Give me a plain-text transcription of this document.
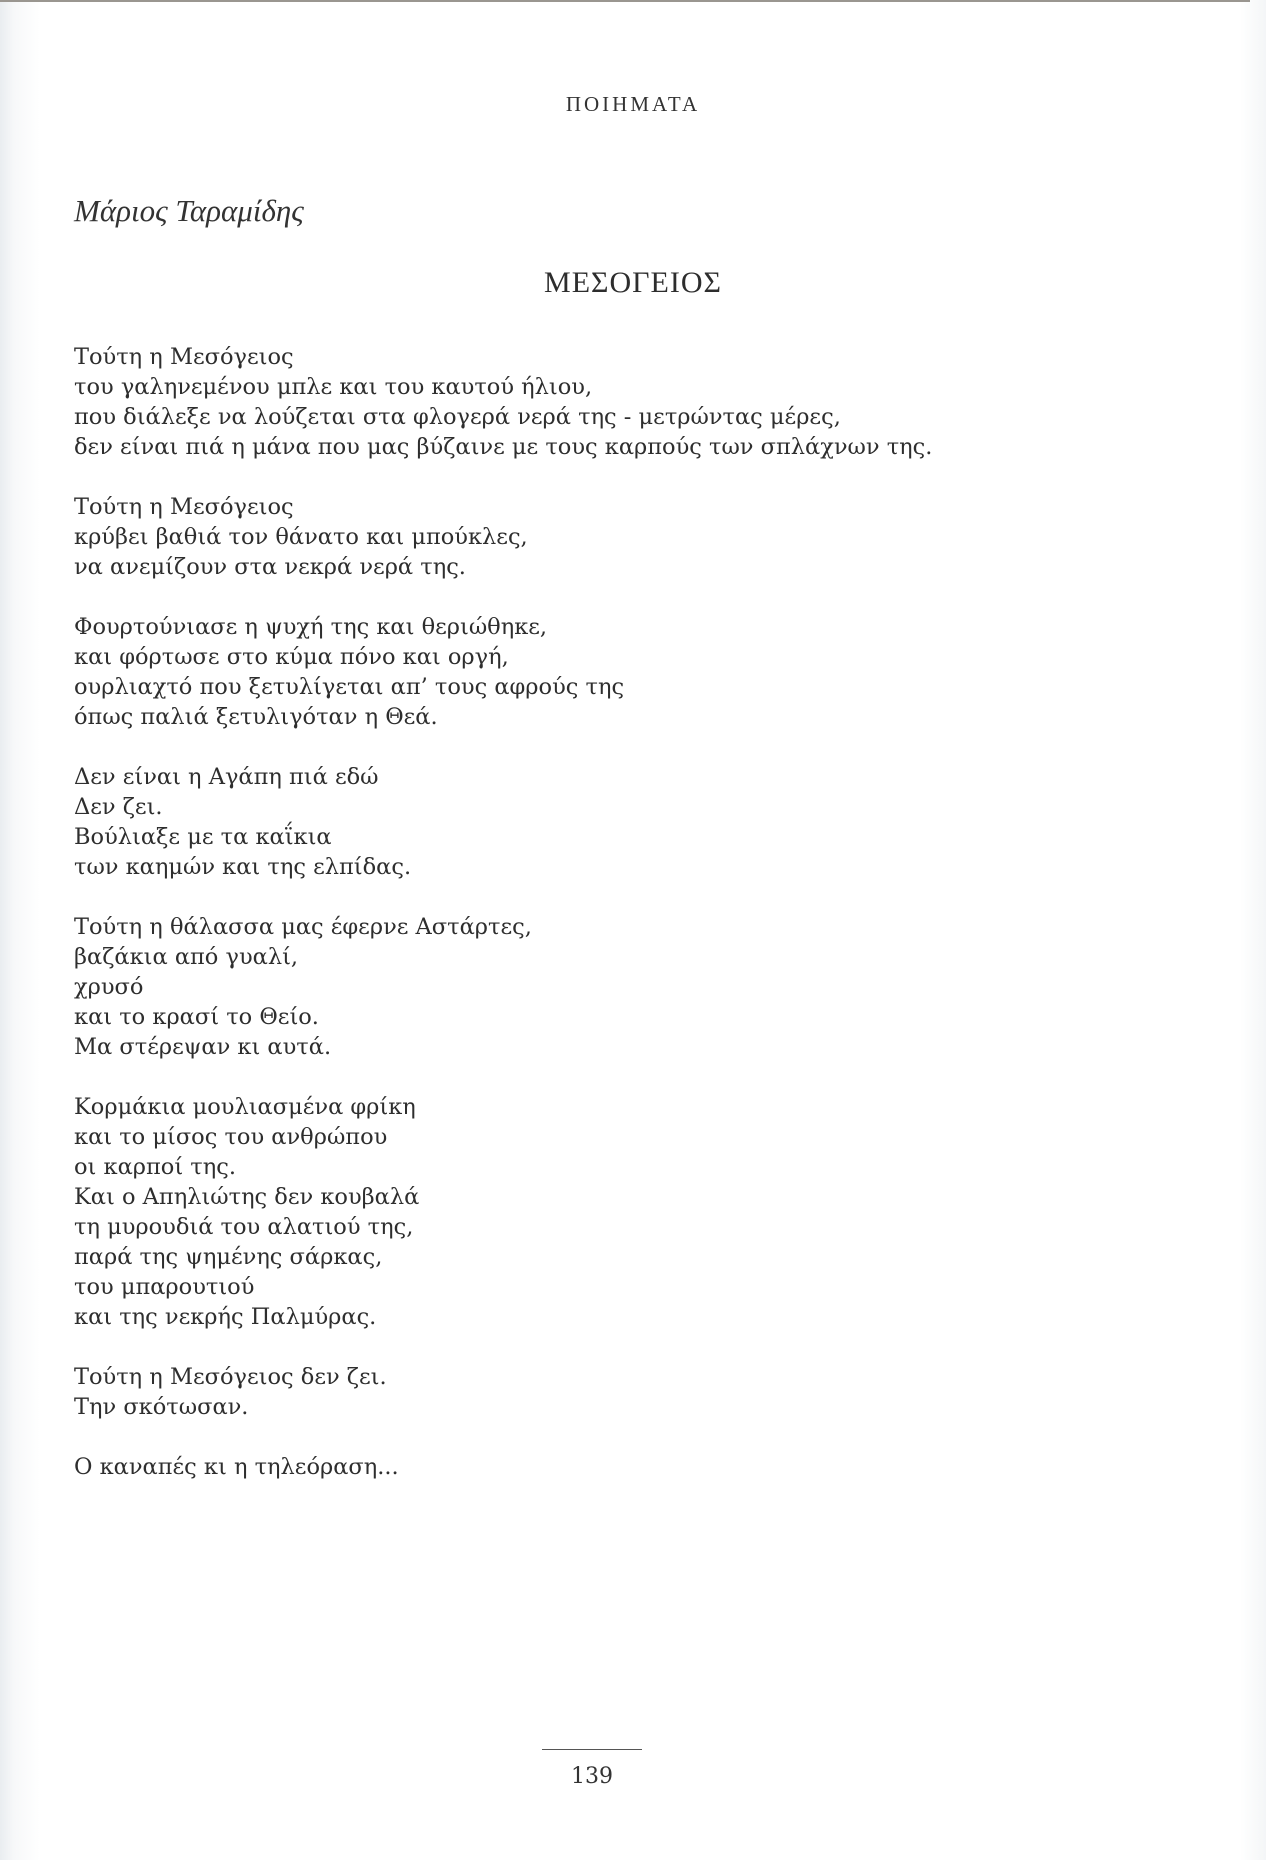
ΠΟΙΗΜΑΤΑ
Μάριος Ταραμίδης
ΜΕΣΟΓΕΙΟΣ
Τούτη η Μεσόγειος
του γαληνεμένου μπλε και του καυτού ήλιου,
που διάλεξε να λούζεται στα φλογερά νερά της - μετρώντας μέρες,
δεν είναι πιά η μάνα που μας βύζαινε με τους καρπούς των σπλάχνων της.
Τούτη η Μεσόγειος
κρύβει βαθιά τον θάνατο και μπούκλες,
να ανεμίζουν στα νεκρά νερά της.
Φουρτούνιασε η ψυχή της και θεριώθηκε,
και φόρτωσε στο κύμα πόνο και οργή,
ουρλιαχτό που ξετυλίγεται απ’ τους αφρούς της
όπως παλιά ξετυλιγόταν η Θεά.
Δεν είναι η Αγάπη πιά εδώ
Δεν ζει.
Βούλιαξε με τα καΐκια
των καημών και της ελπίδας.
Τούτη η θάλασσα μας έφερνε Αστάρτες,
βαζάκια από γυαλί,
χρυσό
και το κρασί το Θείο.
Μα στέρεψαν κι αυτά.
Κορμάκια μουλιασμένα φρίκη
και το μίσος του ανθρώπου
οι καρποί της.
Και ο Απηλιώτης δεν κουβαλά
τη μυρουδιά του αλατιού της,
παρά της ψημένης σάρκας,
του μπαρουτιού
και της νεκρής Παλμύρας.
Τούτη η Μεσόγειος δεν ζει.
Την σκότωσαν.
Ο καναπές κι η τηλεόραση...
139
